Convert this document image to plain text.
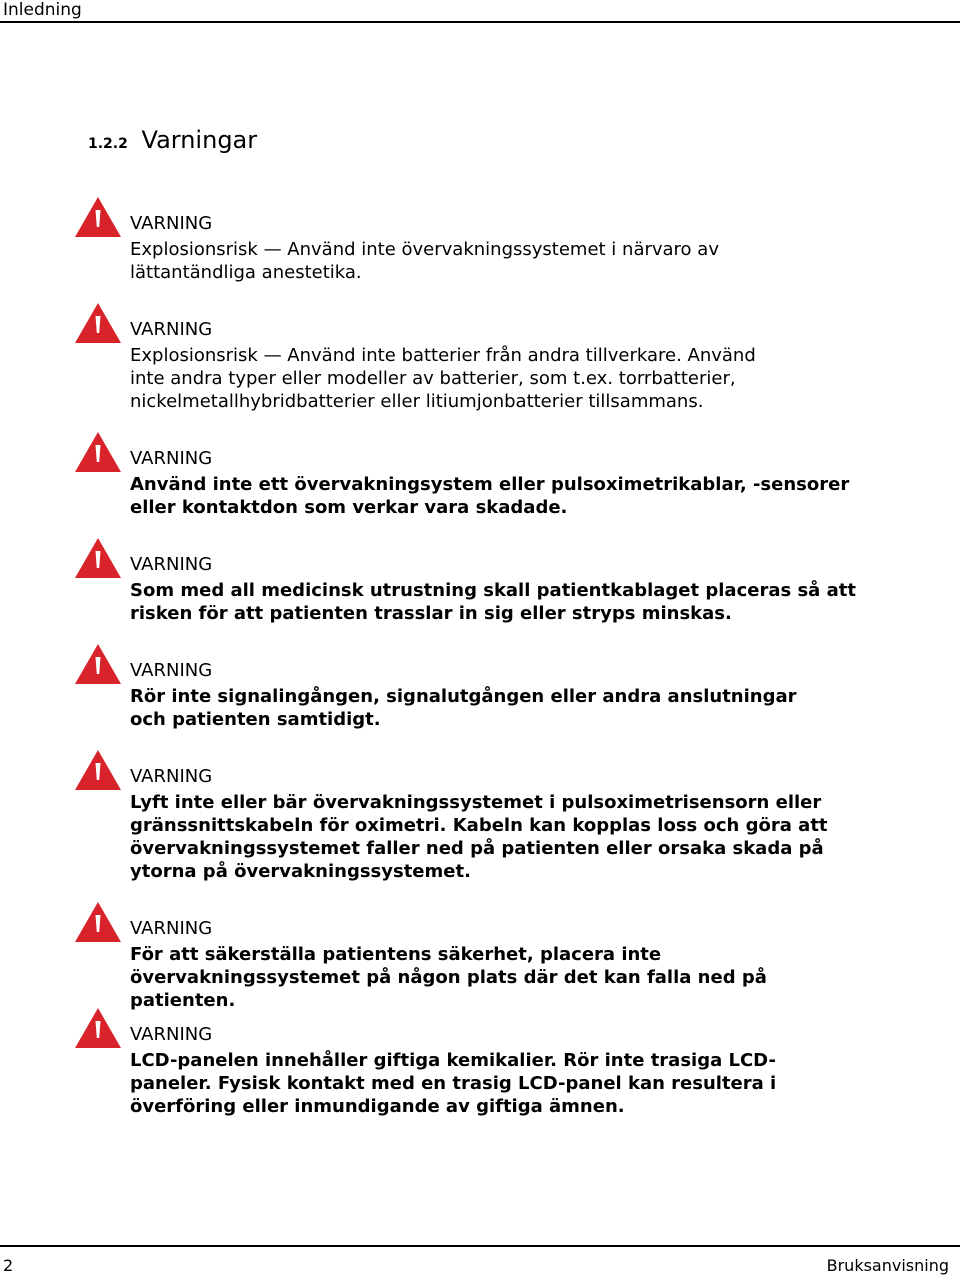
Inledning
1.2.2 Varningar
VARNING
Explosionsrisk — Använd inte övervakningssystemet i närvaro av lättantändliga anestetika.
VARNING
Explosionsrisk — Använd inte batterier från andra tillverkare. Använd inte andra typer eller modeller av batterier, som t.ex. torrbatterier, nickelmetallhybridbatterier eller litiumjonbatterier tillsammans.
VARNING
Använd inte ett övervakningsystem eller pulsoximetrikablar, -sensorer eller kontaktdon som verkar vara skadade.
VARNING
Som med all medicinsk utrustning skall patientkablaget placeras så att risken för att patienten trasslar in sig eller stryps minskas.
VARNING
Rör inte signalingången, signalutgången eller andra anslutningar och patienten samtidigt.
VARNING
Lyft inte eller bär övervakningssystemet i pulsoximetrisensorn eller gränssnittskabeln för oximetri. Kabeln kan kopplas loss och göra att övervakningssystemet faller ned på patienten eller orsaka skada på ytorna på övervakningssystemet.
VARNING
För att säkerställa patientens säkerhet, placera inte övervakningssystemet på någon plats där det kan falla ned på patienten.
VARNING
LCD-panelen innehåller giftiga kemikalier. Rör inte trasiga LCD-paneler. Fysisk kontakt med en trasig LCD-panel kan resultera i överföring eller inmundigande av giftiga ämnen.
2	Bruksanvisning
